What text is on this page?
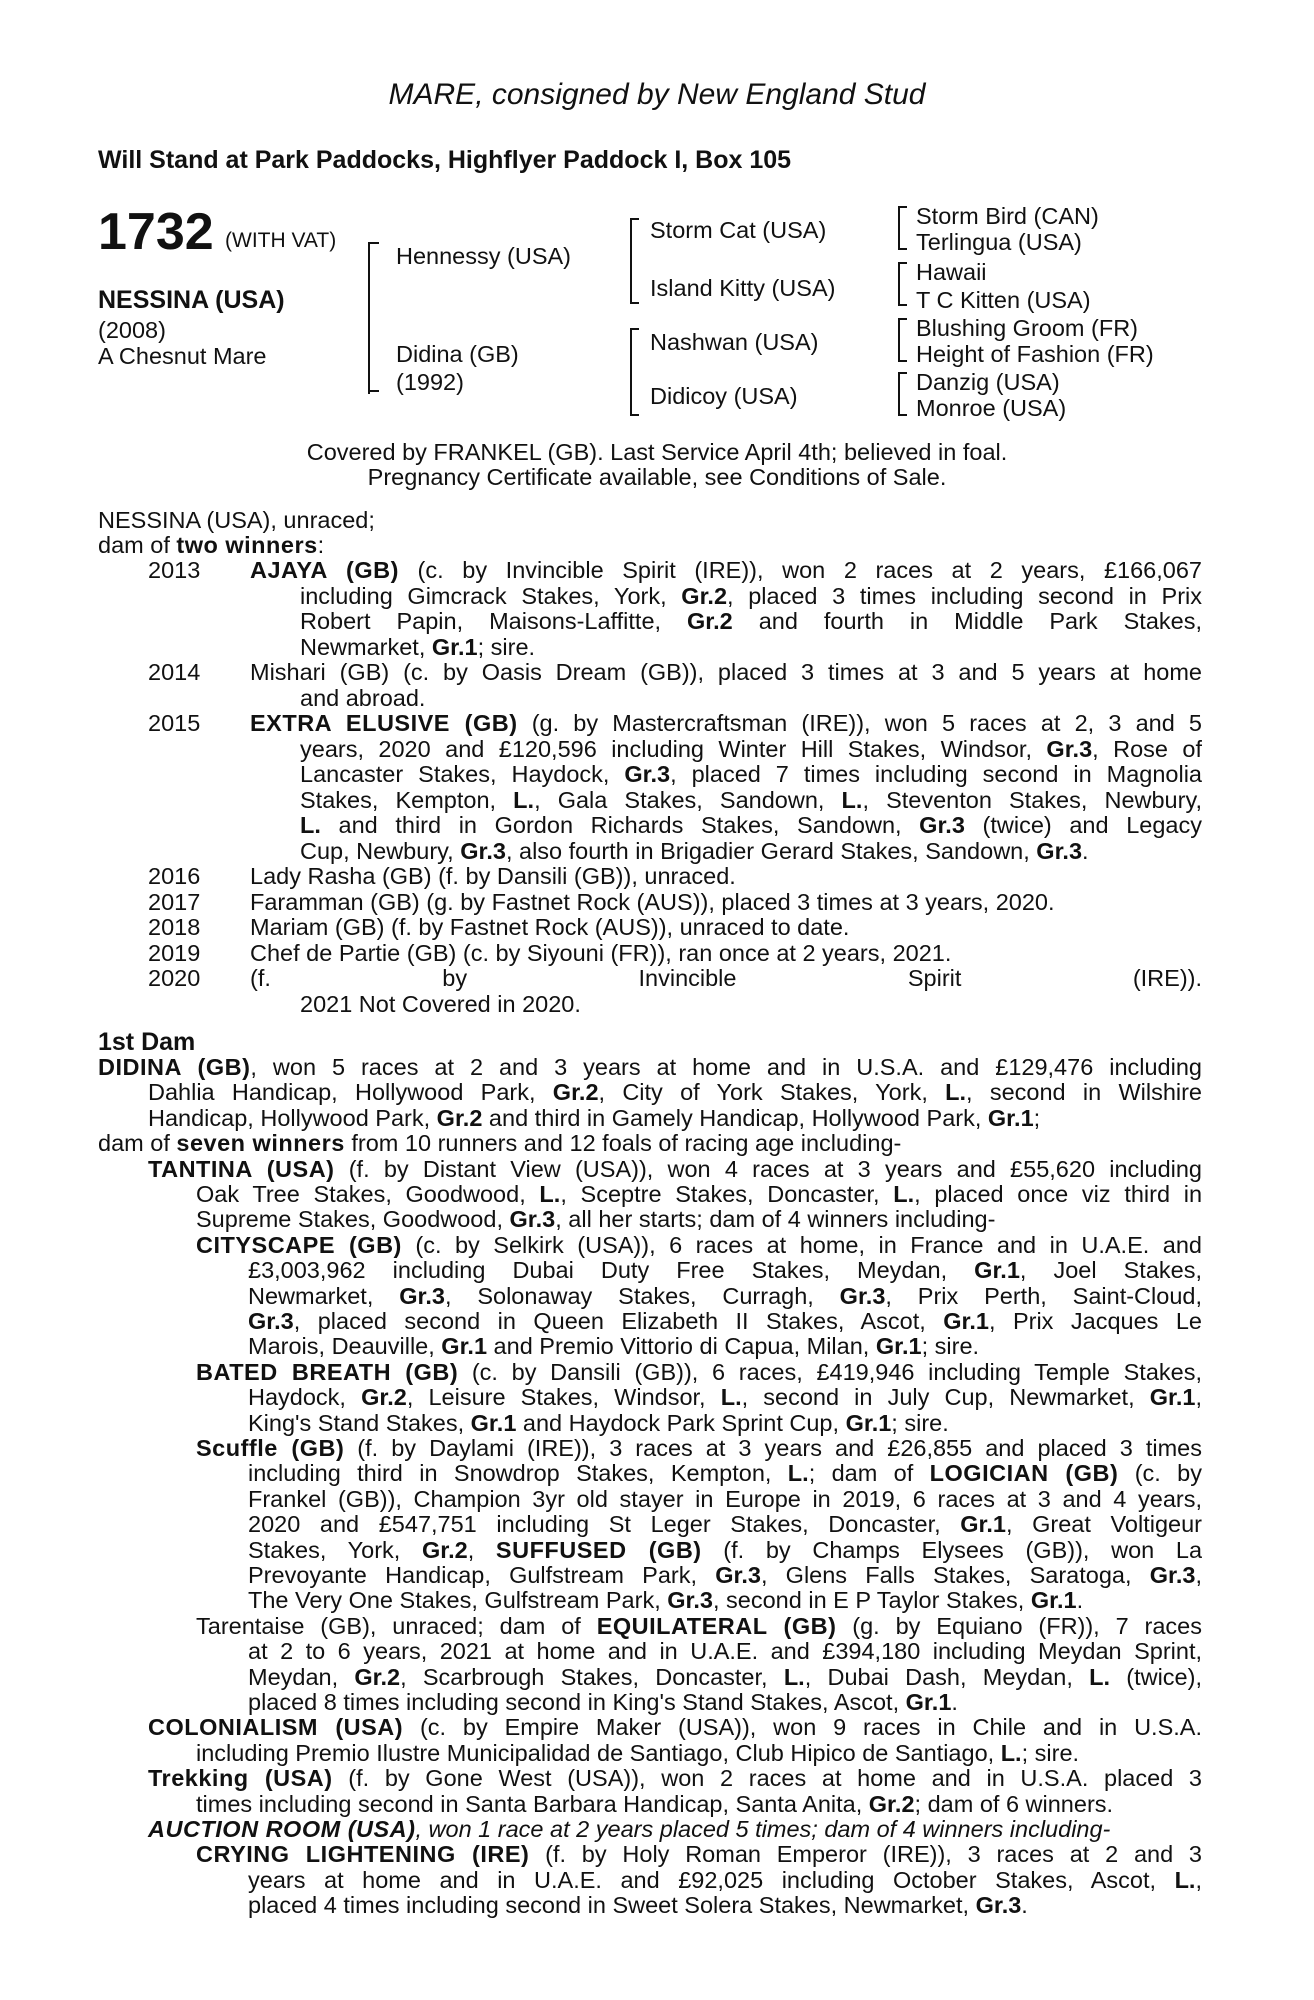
MARE, consigned by New England Stud
Will Stand at Park Paddocks, Highflyer Paddock I, Box 105
1732 (WITH VAT)
NESSINA (USA)
(2008)
A Chesnut Mare
Hennessy (USA)
Didina (GB)
(1992)
Storm Cat (USA)
Island Kitty (USA)
Nashwan (USA)
Didicoy (USA)
Storm Bird (CAN)
Terlingua (USA)
Hawaii
T C Kitten (USA)
Blushing Groom (FR)
Height of Fashion (FR)
Danzig (USA)
Monroe (USA)
Covered by FRANKEL (GB). Last Service April 4th; believed in foal.
Pregnancy Certificate available, see Conditions of Sale.
NESSINA (USA), unraced;
dam of two winners:
2013 AJAYA (GB) (c. by Invincible Spirit (IRE)), won 2 races at 2 years, £166,067
including Gimcrack Stakes, York, Gr.2, placed 3 times including second in Prix
Robert Papin, Maisons-Laffitte, Gr.2 and fourth in Middle Park Stakes,
Newmarket, Gr.1; sire.
2014 Mishari (GB) (c. by Oasis Dream (GB)), placed 3 times at 3 and 5 years at home
and abroad.
2015 EXTRA ELUSIVE (GB) (g. by Mastercraftsman (IRE)), won 5 races at 2, 3 and 5
years, 2020 and £120,596 including Winter Hill Stakes, Windsor, Gr.3, Rose of
Lancaster Stakes, Haydock, Gr.3, placed 7 times including second in Magnolia
Stakes, Kempton, L., Gala Stakes, Sandown, L., Steventon Stakes, Newbury,
L. and third in Gordon Richards Stakes, Sandown, Gr.3 (twice) and Legacy
Cup, Newbury, Gr.3, also fourth in Brigadier Gerard Stakes, Sandown, Gr.3.
2016 Lady Rasha (GB) (f. by Dansili (GB)), unraced.
2017 Faramman (GB) (g. by Fastnet Rock (AUS)), placed 3 times at 3 years, 2020.
2018 Mariam (GB) (f. by Fastnet Rock (AUS)), unraced to date.
2019 Chef de Partie (GB) (c. by Siyouni (FR)), ran once at 2 years, 2021.
2020 (f. by Invincible Spirit (IRE)).
2021 Not Covered in 2020.
1st Dam
DIDINA (GB), won 5 races at 2 and 3 years at home and in U.S.A. and £129,476 including
Dahlia Handicap, Hollywood Park, Gr.2, City of York Stakes, York, L., second in Wilshire
Handicap, Hollywood Park, Gr.2 and third in Gamely Handicap, Hollywood Park, Gr.1;
dam of seven winners from 10 runners and 12 foals of racing age including-
TANTINA (USA) (f. by Distant View (USA)), won 4 races at 3 years and £55,620 including
Oak Tree Stakes, Goodwood, L., Sceptre Stakes, Doncaster, L., placed once viz third in
Supreme Stakes, Goodwood, Gr.3, all her starts; dam of 4 winners including-
CITYSCAPE (GB) (c. by Selkirk (USA)), 6 races at home, in France and in U.A.E. and
£3,003,962 including Dubai Duty Free Stakes, Meydan, Gr.1, Joel Stakes,
Newmarket, Gr.3, Solonaway Stakes, Curragh, Gr.3, Prix Perth, Saint-Cloud,
Gr.3, placed second in Queen Elizabeth II Stakes, Ascot, Gr.1, Prix Jacques Le
Marois, Deauville, Gr.1 and Premio Vittorio di Capua, Milan, Gr.1; sire.
BATED BREATH (GB) (c. by Dansili (GB)), 6 races, £419,946 including Temple Stakes,
Haydock, Gr.2, Leisure Stakes, Windsor, L., second in July Cup, Newmarket, Gr.1,
King's Stand Stakes, Gr.1 and Haydock Park Sprint Cup, Gr.1; sire.
Scuffle (GB) (f. by Daylami (IRE)), 3 races at 3 years and £26,855 and placed 3 times
including third in Snowdrop Stakes, Kempton, L.; dam of LOGICIAN (GB) (c. by
Frankel (GB)), Champion 3yr old stayer in Europe in 2019, 6 races at 3 and 4 years,
2020 and £547,751 including St Leger Stakes, Doncaster, Gr.1, Great Voltigeur
Stakes, York, Gr.2, SUFFUSED (GB) (f. by Champs Elysees (GB)), won La
Prevoyante Handicap, Gulfstream Park, Gr.3, Glens Falls Stakes, Saratoga, Gr.3,
The Very One Stakes, Gulfstream Park, Gr.3, second in E P Taylor Stakes, Gr.1.
Tarentaise (GB), unraced; dam of EQUILATERAL (GB) (g. by Equiano (FR)), 7 races
at 2 to 6 years, 2021 at home and in U.A.E. and £394,180 including Meydan Sprint,
Meydan, Gr.2, Scarbrough Stakes, Doncaster, L., Dubai Dash, Meydan, L. (twice),
placed 8 times including second in King's Stand Stakes, Ascot, Gr.1.
COLONIALISM (USA) (c. by Empire Maker (USA)), won 9 races in Chile and in U.S.A.
including Premio Ilustre Municipalidad de Santiago, Club Hipico de Santiago, L.; sire.
Trekking (USA) (f. by Gone West (USA)), won 2 races at home and in U.S.A. placed 3
times including second in Santa Barbara Handicap, Santa Anita, Gr.2; dam of 6 winners.
AUCTION ROOM (USA), won 1 race at 2 years placed 5 times; dam of 4 winners including-
CRYING LIGHTENING (IRE) (f. by Holy Roman Emperor (IRE)), 3 races at 2 and 3
years at home and in U.A.E. and £92,025 including October Stakes, Ascot, L.,
placed 4 times including second in Sweet Solera Stakes, Newmarket, Gr.3.
